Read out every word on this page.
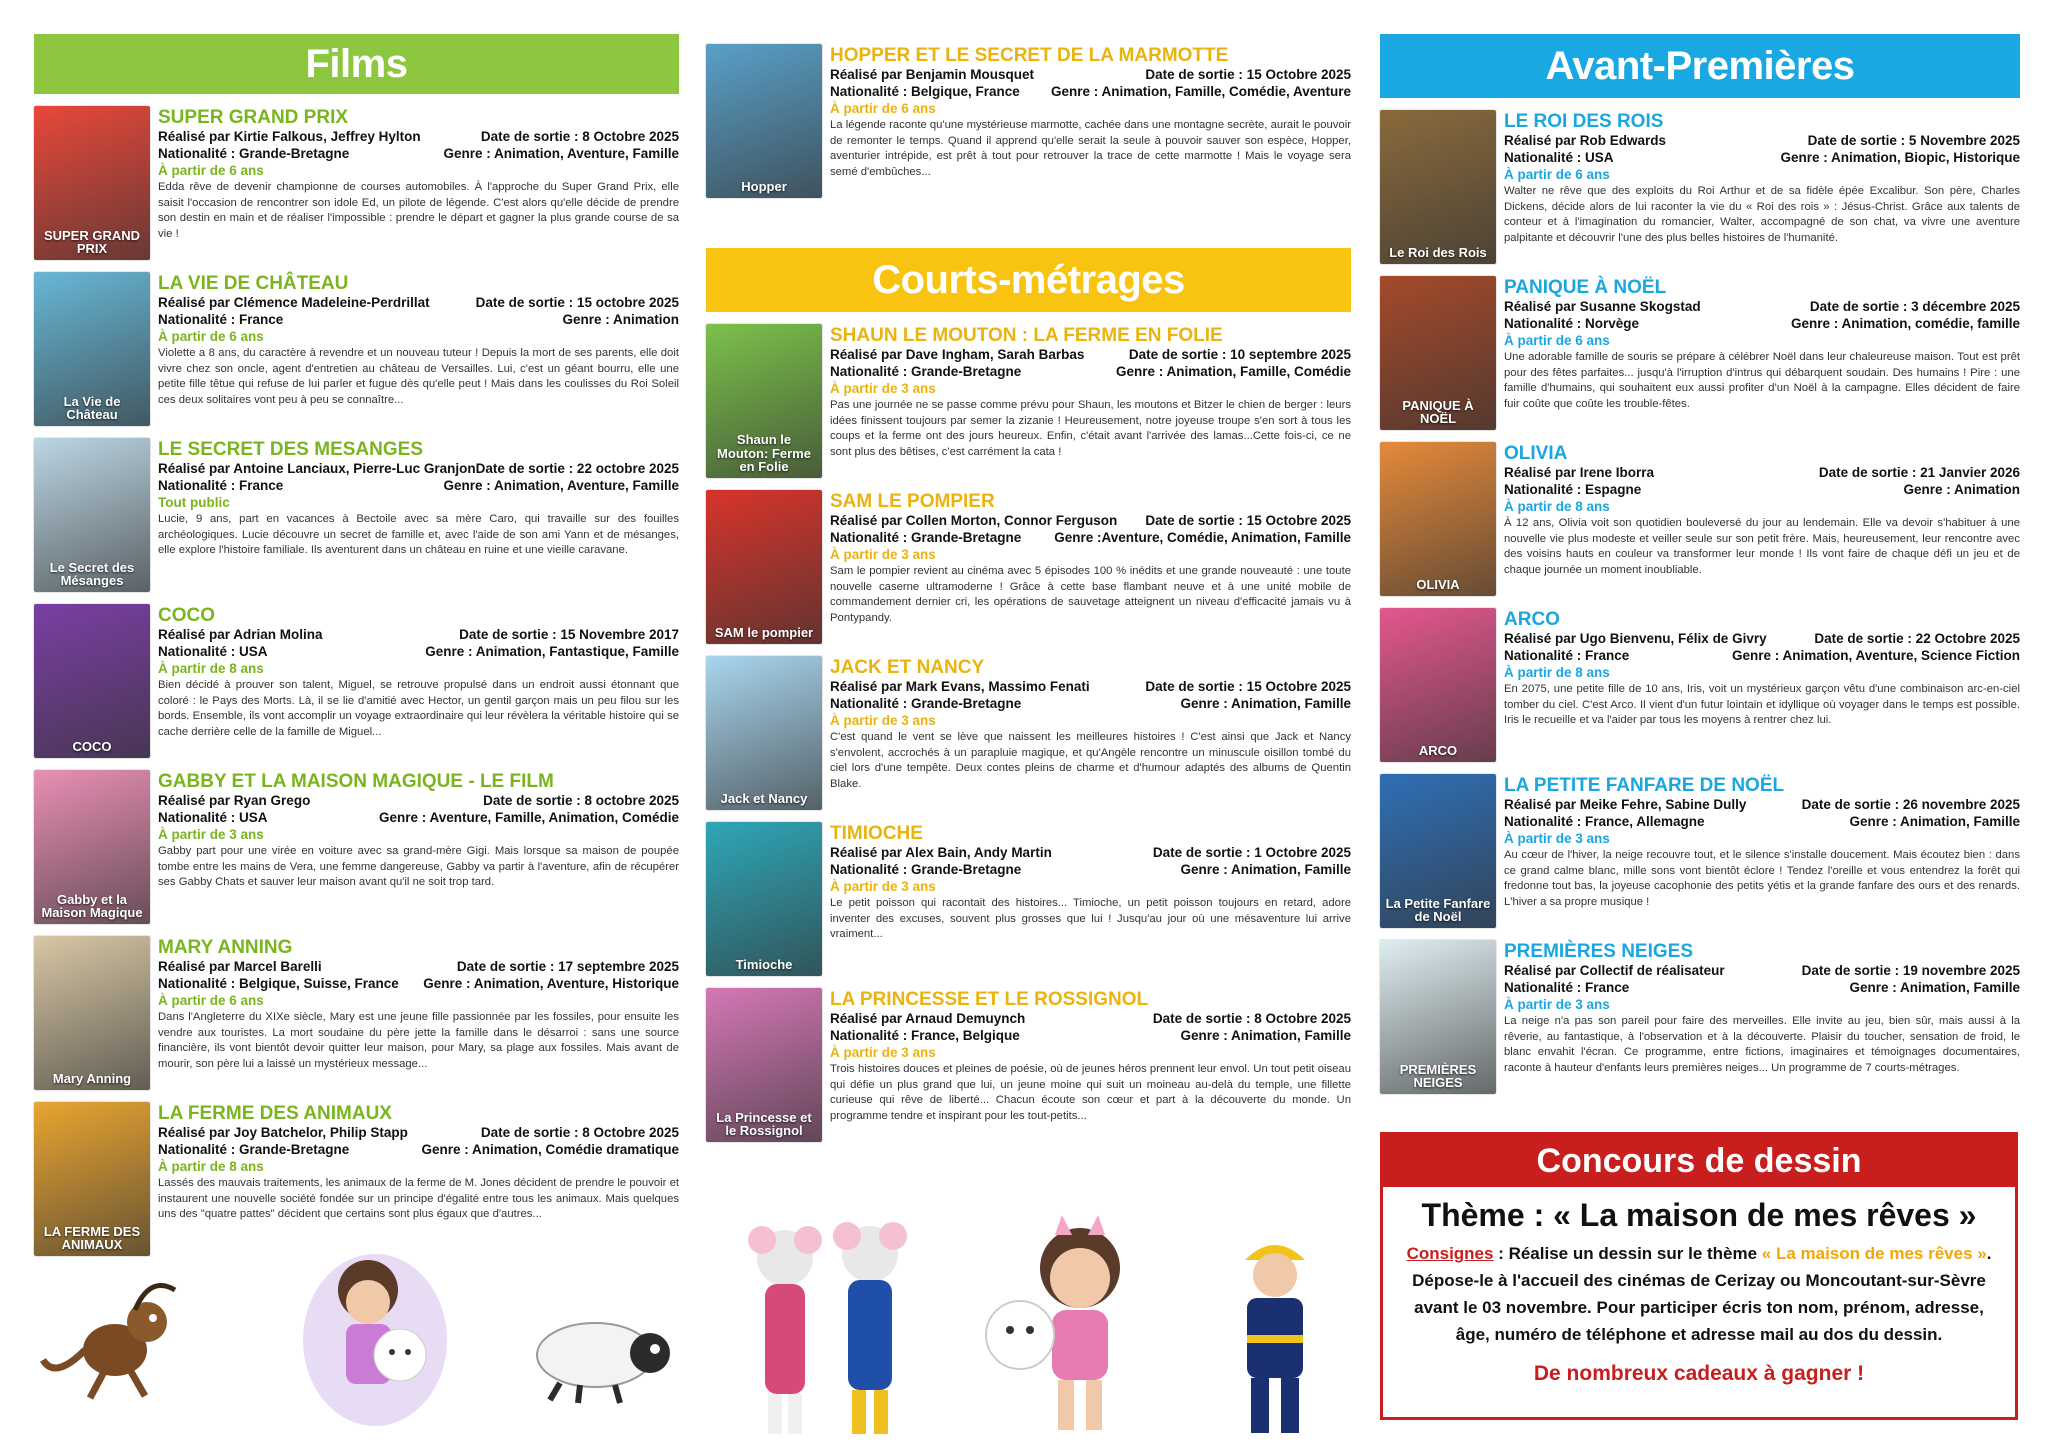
Films
SUPER GRAND PRIX
SUPER GRAND PRIX
Réalisé par Kirtie Falkous, Jeffrey Hylton	Date de sortie : 8 Octobre 2025
Nationalité : Grande-Bretagne	Genre : Animation, Aventure, Famille
À partir de 6 ans
Edda rêve de devenir championne de courses automobiles. À l'approche du Super Grand Prix, elle saisit l'occasion de rencontrer son idole Ed, un pilote de légende. C'est alors qu'elle décide de prendre son destin en main et de réaliser l'impossible : prendre le départ et gagner la plus grande course de sa vie !
La Vie de Château
LA VIE DE CHÂTEAU
Réalisé par Clémence Madeleine-Perdrillat	Date de sortie : 15 octobre 2025
Nationalité : France	Genre : Animation
À partir de 6 ans
Violette a 8 ans, du caractère à revendre et un nouveau tuteur ! Depuis la mort de ses parents, elle doit vivre chez son oncle, agent d'entretien au château de Versailles. Lui, c'est un géant bourru, elle une petite fille têtue qui refuse de lui parler et fugue dès qu'elle peut ! Mais dans les coulisses du Roi Soleil ces deux solitaires vont peu à peu se connaître...
Le Secret des Mésanges
LE SECRET DES MESANGES
Réalisé par Antoine Lanciaux, Pierre-Luc Granjon Date de sortie : 22 octobre 2025
Nationalité : France	Genre : Animation, Aventure, Famille
Tout public
Lucie, 9 ans, part en vacances à Bectoile avec sa mère Caro, qui travaille sur des fouilles archéologiques. Lucie découvre un secret de famille et, avec l'aide de son ami Yann et de mésanges, elle explore l'histoire familiale. Ils aventurent dans un château en ruine et une vieille caravane.
COCO
COCO
Réalisé par Adrian Molina	Date de sortie : 15 Novembre 2017
Nationalité : USA	Genre : Animation, Fantastique, Famille
À partir de 8 ans
Bien décidé à prouver son talent, Miguel, se retrouve propulsé dans un endroit aussi étonnant que coloré : le Pays des Morts. Là, il se lie d'amitié avec Hector, un gentil garçon mais un peu filou sur les bords. Ensemble, ils vont accomplir un voyage extraordinaire qui leur révèlera la véritable histoire qui se cache derrière celle de la famille de Miguel...
Gabby et la Maison Magique
GABBY ET LA MAISON MAGIQUE - LE FILM
Réalisé par Ryan Grego	Date de sortie : 8 octobre 2025
Nationalité : USA	Genre : Aventure, Famille, Animation, Comédie
À partir de 3 ans
Gabby part pour une virée en voiture avec sa grand-mère Gigi. Mais lorsque sa maison de poupée tombe entre les mains de Vera, une femme dangereuse, Gabby va partir à l'aventure, afin de récupérer ses Gabby Chats et sauver leur maison avant qu'il ne soit trop tard.
Mary Anning
MARY ANNING
Réalisé par Marcel Barelli	Date de sortie : 17 septembre 2025
Nationalité : Belgique, Suisse, France Genre : Animation, Aventure, Historique
À partir de 6 ans
Dans l'Angleterre du XIXe siècle, Mary est une jeune fille passionnée par les fossiles, pour ensuite les vendre aux touristes. La mort soudaine du père jette la famille dans le désarroi : sans une source financière, ils vont bientôt devoir quitter leur maison, pour Mary, sa plage aux fossiles. Mais avant de mourir, son père lui a laissé un mystérieux message...
LA FERME DES ANIMAUX
LA FERME DES ANIMAUX
Réalisé par Joy Batchelor, Philip Stapp	Date de sortie : 8 Octobre 2025
Nationalité : Grande-Bretagne	Genre : Animation, Comédie dramatique
À partir de 8 ans
Lassés des mauvais traitements, les animaux de la ferme de M. Jones décident de prendre le pouvoir et instaurent une nouvelle société fondée sur un principe d'égalité entre tous les animaux. Mais quelques uns des "quatre pattes" décident que certains sont plus égaux que d'autres...
Hopper
HOPPER ET LE SECRET DE LA MARMOTTE
Réalisé par Benjamin Mousquet	Date de sortie : 15 Octobre 2025
Nationalité : Belgique, France Genre : Animation, Famille, Comédie, Aventure
À partir de 6 ans
La légende raconte qu'une mystérieuse marmotte, cachée dans une montagne secrète, aurait le pouvoir de remonter le temps. Quand il apprend qu'elle serait la seule à pouvoir sauver son espèce, Hopper, aventurier intrépide, est prêt à tout pour retrouver la trace de cette marmotte ! Mais le voyage sera semé d'embûches...
Courts-métrages
Shaun le Mouton: Ferme en Folie
SHAUN LE MOUTON : LA FERME EN FOLIE
Réalisé par Dave Ingham, Sarah Barbas	Date de sortie : 10 septembre 2025
Nationalité : Grande-Bretagne	Genre : Animation, Famille, Comédie
À partir de 3 ans
Pas une journée ne se passe comme prévu pour Shaun, les moutons et Bitzer le chien de berger : leurs idées finissent toujours par semer la zizanie ! Heureusement, notre joyeuse troupe s'en sort à tous les coups et la ferme ont des jours heureux. Enfin, c'était avant l'arrivée des lamas...Cette fois-ci, ce ne sont plus des bêtises, c'est carrément la cata !
SAM le pompier
SAM LE POMPIER
Réalisé par Collen Morton, Connor Ferguson Date de sortie : 15 Octobre 2025
Nationalité : Grande-Bretagne Genre :Aventure, Comédie, Animation, Famille
À partir de 3 ans
Sam le pompier revient au cinéma avec 5 épisodes 100 % inédits et une grande nouveauté : une toute nouvelle caserne ultramoderne ! Grâce à cette base flambant neuve et à une unité mobile de commandement dernier cri, les opérations de sauvetage atteignent un niveau d'efficacité jamais vu à Pontypandy.
Jack et Nancy
JACK ET NANCY
Réalisé par Mark Evans, Massimo Fenati	Date de sortie : 15 Octobre 2025
Nationalité : Grande-Bretagne	Genre : Animation, Famille
À partir de 3 ans
C'est quand le vent se lève que naissent les meilleures histoires ! C'est ainsi que Jack et Nancy s'envolent, accrochés à un parapluie magique, et qu'Angèle rencontre un minuscule oisillon tombé du ciel lors d'une tempête. Deux contes pleins de charme et d'humour adaptés des albums de Quentin Blake.
Timioche
TIMIOCHE
Réalisé par Alex Bain, Andy Martin	Date de sortie : 1 Octobre 2025
Nationalité : Grande-Bretagne	Genre : Animation, Famille
À partir de 3 ans
Le petit poisson qui racontait des histoires... Timioche, un petit poisson toujours en retard, adore inventer des excuses, souvent plus grosses que lui ! Jusqu'au jour où une mésaventure lui arrive vraiment...
La Princesse et le Rossignol
LA PRINCESSE ET LE ROSSIGNOL
Réalisé par Arnaud Demuynch	Date de sortie : 8 Octobre 2025
Nationalité : France, Belgique	Genre : Animation, Famille
À partir de 3 ans
Trois histoires douces et pleines de poésie, où de jeunes héros prennent leur envol. Un tout petit oiseau qui défie un plus grand que lui, un jeune moine qui suit un moineau au-delà du temple, une fillette curieuse qui rêve de liberté... Chacun écoute son cœur et part à la découverte du monde. Un programme tendre et inspirant pour les tout-petits...
Avant-Premières
Le Roi des Rois
LE ROI DES ROIS
Réalisé par Rob Edwards	Date de sortie : 5 Novembre 2025
Nationalité : USA	Genre : Animation, Biopic, Historique
À partir de 6 ans
Walter ne rêve que des exploits du Roi Arthur et de sa fidèle épée Excalibur. Son père, Charles Dickens, décide alors de lui raconter la vie du « Roi des rois » : Jésus-Christ. Grâce aux talents de conteur et à l'imagination du romancier, Walter, accompagné de son chat, va vivre une aventure palpitante et découvrir l'une des plus belles histoires de l'humanité.
PANIQUE À NOËL
PANIQUE À NOËL
Réalisé par Susanne Skogstad	Date de sortie : 3 décembre 2025
Nationalité : Norvège	Genre : Animation, comédie, famille
À partir de 6 ans
Une adorable famille de souris se prépare à célébrer Noël dans leur chaleureuse maison. Tout est prêt pour des fêtes parfaites... jusqu'à l'irruption d'intrus qui débarquent soudain. Des humains ! Pire : une famille d'humains, qui souhaitent eux aussi profiter d'un Noël à la campagne. Elles décident de faire fuir coûte que coûte les trouble-fêtes.
OLIVIA
OLIVIA
Réalisé par Irene Iborra	Date de sortie : 21 Janvier 2026
Nationalité : Espagne	Genre : Animation
À partir de 8 ans
À 12 ans, Olivia voit son quotidien bouleversé du jour au lendemain. Elle va devoir s'habituer à une nouvelle vie plus modeste et veiller seule sur son petit frère. Mais, heureusement, leur rencontre avec des voisins hauts en couleur va transformer leur monde ! Ils vont faire de chaque défi un jeu et de chaque journée un moment inoubliable.
ARCO
ARCO
Réalisé par Ugo Bienvenu, Félix de Givry	Date de sortie : 22 Octobre 2025
Nationalité : France	Genre : Animation, Aventure, Science Fiction
À partir de 8 ans
En 2075, une petite fille de 10 ans, Iris, voit un mystérieux garçon vêtu d'une combinaison arc-en-ciel tomber du ciel. C'est Arco. Il vient d'un futur lointain et idyllique où voyager dans le temps est possible. Iris le recueille et va l'aider par tous les moyens à rentrer chez lui.
La Petite Fanfare de Noël
LA PETITE FANFARE DE NOËL
Réalisé par Meike Fehre, Sabine Dully	Date de sortie : 26 novembre 2025
Nationalité : France, Allemagne	Genre : Animation, Famille
À partir de 3 ans
Au cœur de l'hiver, la neige recouvre tout, et le silence s'installe doucement. Mais écoutez bien : dans ce grand calme blanc, mille sons vont bientôt éclore ! Tendez l'oreille et vous entendrez la forêt qui fredonne tout bas, la joyeuse cacophonie des petits yétis et la grande fanfare des ours et des renards. L'hiver a sa propre musique !
PREMIÈRES NEIGES
PREMIÈRES NEIGES
Réalisé par Collectif de réalisateur	Date de sortie : 19 novembre 2025
Nationalité : France	Genre : Animation, Famille
À partir de 3 ans
La neige n'a pas son pareil pour faire des merveilles. Elle invite au jeu, bien sûr, mais aussi à la rêverie, au fantastique, à l'observation et à la découverte. Plaisir du toucher, sensation de froid, le blanc envahit l'écran. Ce programme, entre fictions, imaginaires et témoignages documentaires, raconte à hauteur d'enfants leurs premières neiges... Un programme de 7 courts-métrages.
Concours de dessin
Thème : « La maison de mes rêves »
Consignes : Réalise un dessin sur le thème « La maison de mes rêves ». Dépose-le à l'accueil des cinémas de Cerizay ou Moncoutant-sur-Sèvre avant le 03 novembre. Pour participer écris ton nom, prénom, adresse, âge, numéro de téléphone et adresse mail au dos du dessin.
De nombreux cadeaux à gagner !
